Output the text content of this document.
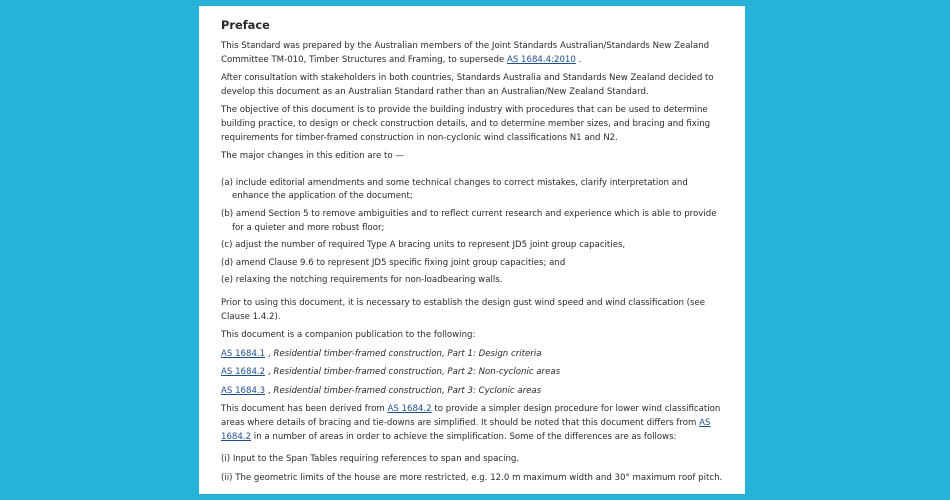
Preface

This Standard was prepared by the Australian members of the Joint Standards Australian/Standards New Zealand Committee TM-010, Timber Structures and Framing, to supersede AS 1684.4:2010 .

After consultation with stakeholders in both countries, Standards Australia and Standards New Zealand decided to develop this document as an Australian Standard rather than an Australian/New Zealand Standard.

The objective of this document is to provide the building industry with procedures that can be used to determine building practice, to design or check construction details, and to determine member sizes, and bracing and fixing requirements for timber-framed construction in non-cyclonic wind classifications N1 and N2.

The major changes in this edition are to —

(a) include editorial amendments and some technical changes to correct mistakes, clarify interpretation and enhance the application of the document;

(b) amend Section 5 to remove ambiguities and to reflect current research and experience which is able to provide for a quieter and more robust floor;

(c) adjust the number of required Type A bracing units to represent JD5 joint group capacities,

(d) amend Clause 9.6 to represent JD5 specific fixing joint group capacities; and

(e) relaxing the notching requirements for non-loadbearing walls.

Prior to using this document, it is necessary to establish the design gust wind speed and wind classification (see Clause 1.4.2).

This document is a companion publication to the following:

AS 1684.1 , Residential timber-framed construction, Part 1: Design criteria

AS 1684.2 , Residential timber-framed construction, Part 2: Non-cyclonic areas

AS 1684.3 , Residential timber-framed construction, Part 3: Cyclonic areas

This document has been derived from AS 1684.2 to provide a simpler design procedure for lower wind classification areas where details of bracing and tie-downs are simplified. It should be noted that this document differs from AS 1684.2 in a number of areas in order to achieve the simplification. Some of the differences are as follows:

(i) Input to the Span Tables requiring references to span and spacing.

(ii) The geometric limits of the house are more restricted, e.g. 12.0 m maximum width and 30° maximum roof pitch.
